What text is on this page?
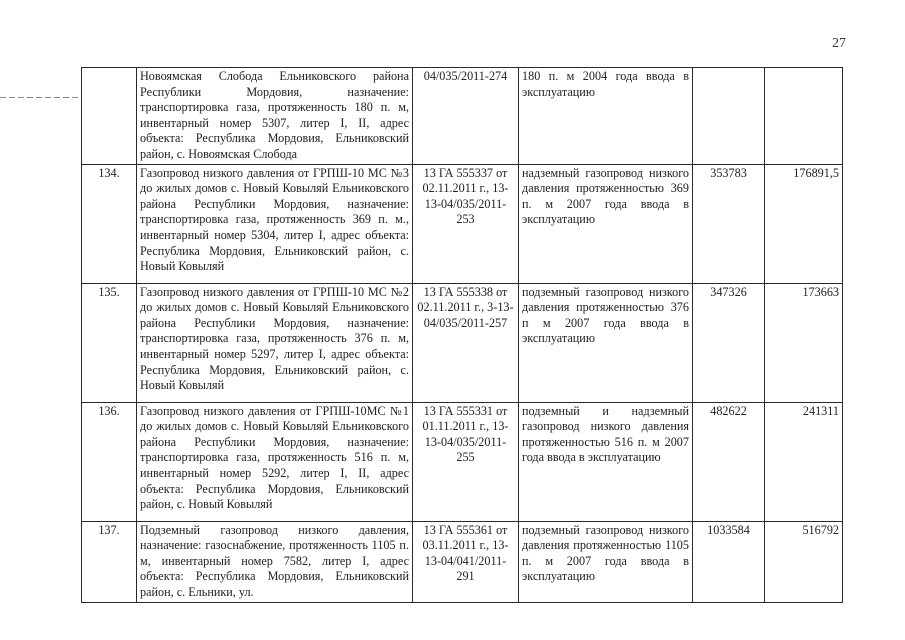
27
	Новоямская Слобода Ельниковского района Республики Мордовия, назначение: транспортировка газа, протяженность 180 п. м, инвентарный номер 5307, литер I, II, адрес объекта: Республика Мордовия, Ельниковский район, с. Новоямская Слобода	04/035/2011-274	180 п. м 2004 года ввода в эксплуатацию		
134.	Газопровод низкого давления от ГРПШ-10 МС №3 до жилых домов с. Новый Ковыляй Ельниковского района Республики Мордовия, назначение: транспортировка газа, протяженность 369 п. м., инвентарный номер 5304, литер I, адрес объекта: Республика Мордовия, Ельниковский район, с. Новый Ковыляй	13 ГА 555337 от 02.11.2011 г., 13-13-04/035/2011-253	надземный газопровод низкого давления протяженностью 369 п. м 2007 года ввода в эксплуатацию	353783	176891,5
135.	Газопровод низкого давления от ГРПШ-10 МС №2 до жилых домов с. Новый Ковыляй Ельниковского района Республики Мордовия, назначение: транспортировка газа, протяженность 376 п. м, инвентарный номер 5297, литер I, адрес объекта: Республика Мордовия, Ельниковский район, с. Новый Ковыляй	13 ГА 555338 от 02.11.2011 г., 3-13-04/035/2011-257	подземный газопровод низкого давления протяженностью 376 п м 2007 года ввода в эксплуатацию	347326	173663
136.	Газопровод низкого давления от ГРПШ-10МС №1 до жилых домов с. Новый Ковыляй Ельниковского района Республики Мордовия, назначение: транспортировка газа, протяженность 516 п. м, инвентарный номер 5292, литер I, II, адрес объекта: Республика Мордовия, Ельниковский район, с. Новый Ковыляй	13 ГА 555331 от 01.11.2011 г., 13-13-04/035/2011-255	подземный и надземный газопровод низкого давления протяженностью 516 п. м 2007 года ввода в эксплуатацию	482622	241311
137.	Подземный газопровод низкого давления, назначение: газоснабжение, протяженность 1105 п. м, инвентарный номер 7582, литер I, адрес объекта: Республика Мордовия, Ельниковский район, с. Ельники, ул.	13 ГА 555361 от 03.11.2011 г., 13-13-04/041/2011-291	подземный газопровод низкого давления протяженностью 1105 п. м 2007 года ввода в эксплуатацию	1033584	516792
